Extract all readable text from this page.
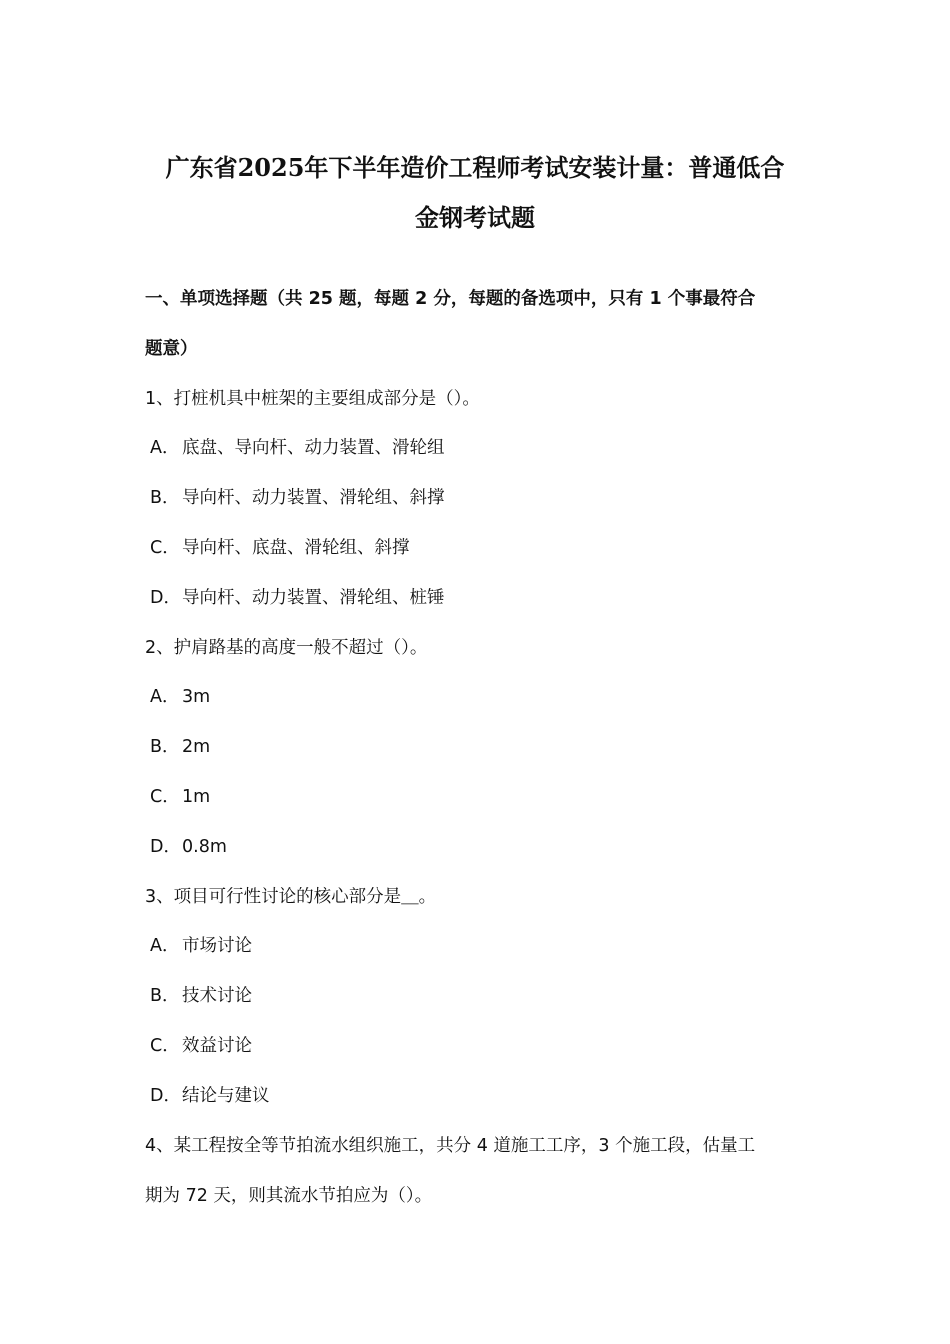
广东省2025年下半年造价工程师考试安装计量：普通低合
金钢考试题
一、单项选择题（共 25 题，每题 2 分，每题的备选项中，只有 1 个事最符合
题意）
1、打桩机具中桩架的主要组成部分是（）。
A． 底盘、导向杆、动力装置、滑轮组
B． 导向杆、动力装置、滑轮组、斜撑
C． 导向杆、底盘、滑轮组、斜撑
D．导向杆、动力装置、滑轮组、桩锤
2、护肩路基的高度一般不超过（）。
A． 3m
B． 2m
C． 1m
D．0.8m
3、项目可行性讨论的核心部分是＿。
A． 市场讨论
B． 技术讨论
C． 效益讨论
D．结论与建议
4、某工程按全等节拍流水组织施工，共分 4 道施工工序，3 个施工段，估量工
期为 72 天，则其流水节拍应为（）。
